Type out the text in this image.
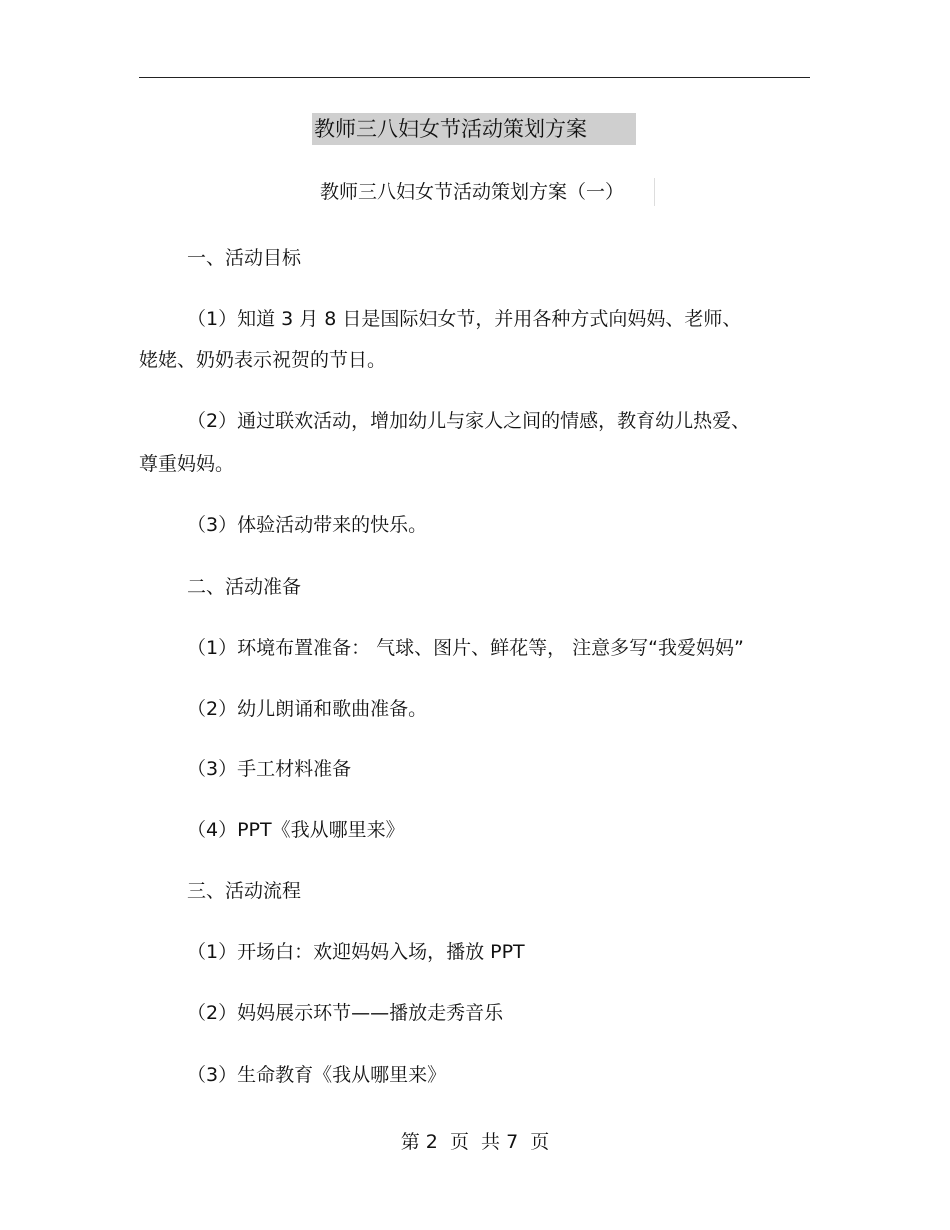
教师三八妇女节活动策划方案
教师三八妇女节活动策划方案（一）
一、活动目标
（1）知道 3 月 8 日是国际妇女节，并用各种方式向妈妈、老师、
姥姥、奶奶表示祝贺的节日。
（2）通过联欢活动，增加幼儿与家人之间的情感，教育幼儿热爱、
尊重妈妈。
（3）体验活动带来的快乐。
二、活动准备
（1）环境布置准备： 气球、图片、鲜花等， 注意多写“我爱妈妈”
（2）幼儿朗诵和歌曲准备。
（3）手工材料准备
（4）PPT《我从哪里来》
三、活动流程
（1）开场白：欢迎妈妈入场，播放 PPT
（2）妈妈展示环节——播放走秀音乐
（3）生命教育《我从哪里来》
第 2  页  共 7  页
